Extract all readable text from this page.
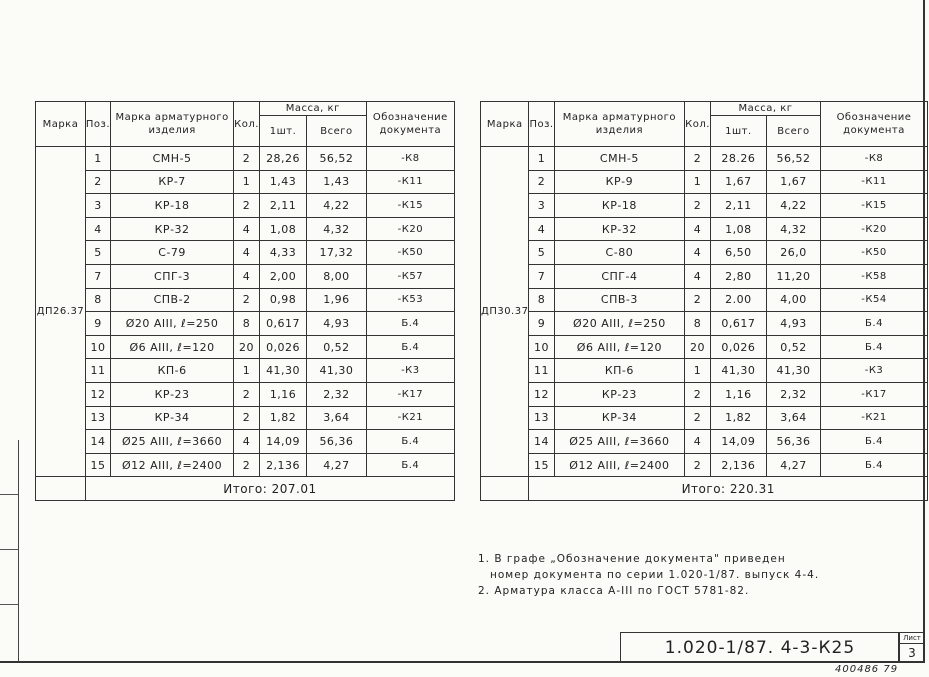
Марка	Поз.	Марка арматурного изделия	Кол.	Масса, кг		Обозначение документа
				1шт.	Всего	
ДП26.37	1	СМН-5	2	28,26	56,52	-К8
	2	КР-7	1	1,43	1,43	-К11
	3	КР-18	2	2,11	4,22	-К15
	4	КР-32	4	1,08	4,32	-К20
	5	С-79	4	4,33	17,32	-К50
	7	СПГ-3	4	2,00	8,00	-К57
	8	СПВ-2	2	0,98	1,96	-К53
	9	Ø20 АIII, ℓ=250	8	0,617	4,93	Б.4
	10	Ø6 АIII, ℓ=120	20	0,026	0,52	Б.4
	11	КП-6	1	41,30	41,30	-К3
	12	КР-23	2	1,16	2,32	-К17
	13	КР-34	2	1,82	3,64	-К21
	14	Ø25 АIII, ℓ=3660	4	14,09	56,36	Б.4
	15	Ø12 АIII, ℓ=2400	2	2,136	4,27	Б.4
	Итого: 207.01					
Марка	Поз.	Марка арматурного изделия	Кол.	Масса, кг		Обозначение документа
				1шт.	Всего	
ДП30.37	1	СМН-5	2	28.26	56,52	-К8
	2	КР-9	1	1,67	1,67	-К11
	3	КР-18	2	2,11	4,22	-К15
	4	КР-32	4	1,08	4,32	-К20
	5	С-80	4	6,50	26,0	-К50
	7	СПГ-4	4	2,80	11,20	-К58
	8	СПВ-3	2	2.00	4,00	-К54
	9	Ø20 АIII, ℓ=250	8	0,617	4,93	Б.4
	10	Ø6 АIII, ℓ=120	20	0,026	0,52	Б.4
	11	КП-6	1	41,30	41,30	-К3
	12	КР-23	2	1,16	2,32	-К17
	13	КР-34	2	1,82	3,64	-К21
	14	Ø25 АIII, ℓ=3660	4	14,09	56,36	Б.4
	15	Ø12 АIII, ℓ=2400	2	2,136	4,27	Б.4
	Итого: 220.31					
1. В графе „Обозначение документа" приведен
номер документа по серии 1.020-1/87. выпуск 4-4.
2. Арматура класса А-III по ГОСТ 5781-82.
1.020-1/87. 4-3-К25	Лист
3
400486 79
